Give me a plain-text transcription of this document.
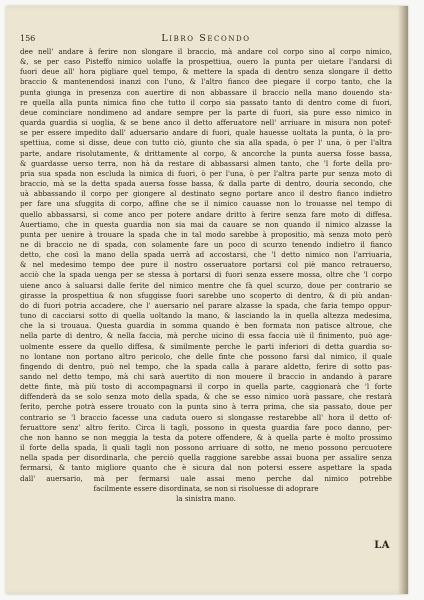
156	Libro Secondo
dee nell' andare à ferire non slongare il braccio, mà andare col corpo sino al corpo nimico,
&, se per caso Pisteffo nimico uolaffe la prospettiua, ouero la punta per uietare l'andarsi di
fuori deue all' hora pigliare quel tempo, & mettere la spada di dentro senza slongare il detto
braccio & mantenendosi inanzi con l'uno, & l'altro fianco dee piegare il corpo tanto, che la
punta giunga in presenza con auertire di non abbassare il braccio nella mano douendo sta-
re quella alla punta nimica fino che tutto il corpo sia passato tanto di dentro come di fuori,
deue cominciare nondimeno ad andare sempre per la parte di fuori, sia pure esso nimico in
quarda guardia si uoglia, & se bene anco il detto afferuatore nell' arriuare in misura non potef-
se per essere impedito dall' aduersario andare di fuori, quale hauesse uoltata la punta, ò la pro-
spettiua, come si disse, deue con tutto ciò, giunto che sia alla spada, ò per l' una, ò per l'altra
parte, andare risolutamente, & drittamente al corpo, & ancorche la punta auersa fosse bassa,
& guardasse uerso terra, non hà da restare di abbassarsi almen tanto, che 'l forte della pro-
pria sua spada non escluda la nimica di fuori, ò per l'una, ò per l'altra parte pur senza moto di
braccio, mà se la detta spada auersa fosse bassa, & dalla parte di dentro, douria secondo, che
uà abbassando il corpo per giongere al destinato segno portare anco il destro fianco indietro
per fare una sfuggita di corpo, affine che se il nimico cauasse non lo trouasse nel tempo di
quello abbassarsi, sì come anco per potere andare dritto à ferire senza fare moto di diffesa.
Auertiamo, che in questa guardia non sia mai da cauare se non quando il nimico alzasse la
punta per uenire à trouare la spada che in tal modo sarebbe à propositio, mà senza moto però
ne di braccio ne di spada, con solamente fare un poco di scurzo tenendo indietro il fianco
detto, che così la mano della spada uerrà ad accostarsi, che 'l detto nimico non l'arriuaria,
& nel medesimo tempo dee pure il nostro osseruatore portarsi col piè manco retrauerso,
acciò che la spada uenga per se stessa à portarsi di fuori senza essere mossa, oltre che 'l corpo
uiene anco à saluarsi dalle ferite del nimico mentre che fà quel scurzo, doue per contrario se
girasse la prospettiua & non sfuggisse fuori sarebbe uno scoperto di dentro, & di più andan-
do di fuori potria accadere, che l' auersario nel parare alzasse la spada, che faria tempo oppur-
tuno di cacciarsi sotto di quella uoltando la mano, & lasciando la in quella altezza medesima,
che la si trouaua. Questa guardia in somma quando è ben formata non patisce altroue, che
nella parte di dentro, & nella faccia, mà perche uicino di essa faccia uiè il finimento, può age-
uolmente essere da quello diffesa, & similmente perche le parti inferiori di detta guardia so-
no lontane non portano altro pericolo, che delle finte che possono farsi dal nimico, il quale
fingendo di dentro, può nel tempo, che la spada calla à parare aldetto, ferire di sotto pas-
sando nel detto tempo, mà chi sarà auertito di non mouere il braccio in andando à parare
dette finte, mà più tosto di accompagnarsi il corpo in quella parte, caggionarà che 'l forte
diffenderà da se solo senza moto della spada, & che se esso nimico uorà passare, che restarà
ferito, perche potrà essere trouato con la punta sino à terra prima, che sia passato, doue per
contrario se 'l braccio facesse una caduta ouero si slongasse restarebbe all' hora il detto of-
feruattore senz' altro ferito. Circa li tagli, possono in questa guardia fare poco danno, per-
che non hanno se non meggia la testa da potere offendere, & à quella parte è molto prossimo
il forte della spada, li quali tagli non possono arriuare di sotto, ne meno possono percuotere
nella spada per disordinarla, che perciò quella raggione sarebbe assai buona per assalire senza
fermarsi, & tanto migliore quanto che è sicura dal non potersi essere aspettare la spada
dall' auersario, mà per fermarsi uale assai meno perche dal nimico potrebbe
facilmente essere disordinata, se non si risoluesse di adoprare
la sinistra mano.
LA
